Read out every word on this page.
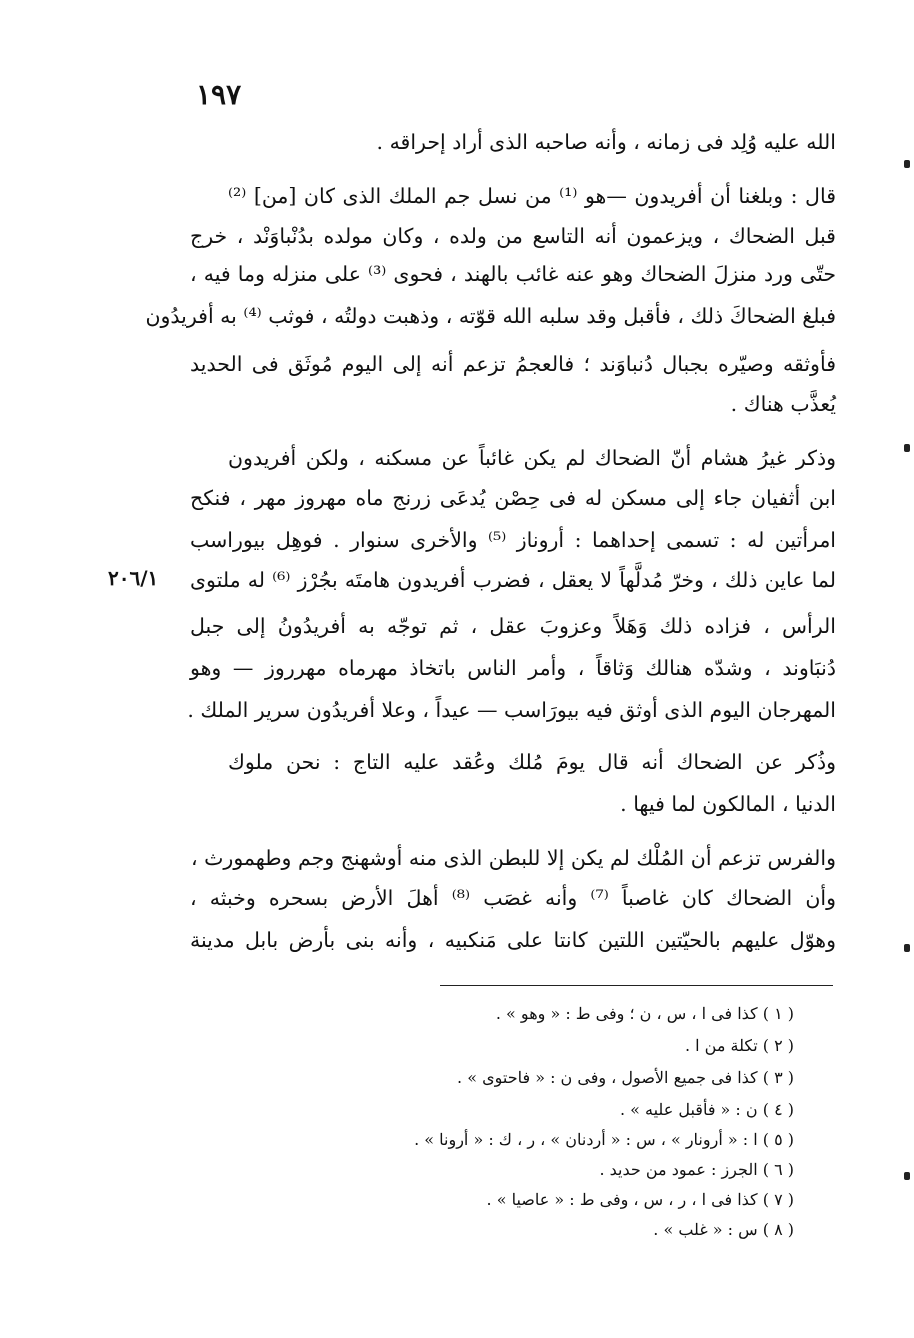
١٩٧
٢٠٦/١
الله عليه وُلِد فى زمانه ، وأنه صاحبه الذى أراد إحراقه .
قال : وبلغنا أن أفريدون —هو ⁽¹⁾ من نسل جم الملك الذى كان [من] ⁽²⁾
قبل الضحاك ، ويزعمون أنه التاسع من ولده ، وكان مولده بدُنْباوَنْد ، خرج
حتّى ورد منزلَ الضحاك وهو عنه غائب بالهند ، فحوى ⁽³⁾ على منزله وما فيه ،
فبلغ الضحاكَ ذلك ، فأقبل وقد سلبه الله قوّته ، وذهبت دولتُه ، فوثب ⁽⁴⁾ به أفريدُون
فأوثقه وصيّره بجبال دُنباوَند ؛ فالعجمُ تزعم أنه إلى اليوم مُوثَق فى الحديد
يُعذَّب هناك .
وذكر غيرُ هشام أنّ الضحاك لم يكن غائباً عن مسكنه ، ولكن أفريدون
ابن أثفيان جاء إلى مسكن له فى حِصْن يُدعَى زرنج ماه مهروز مهر ، فنكح
امرأتين له : تسمى إحداهما : أروناز ⁽⁵⁾ والأخرى سنوار . فوهِل بيوراسب
لما عاين ذلك ، وخرّ مُدلَّهاً لا يعقل ، فضرب أفريدون هامتَه بجُرْز ⁽⁶⁾ له ملتوى
الرأس ، فزاده ذلك وَهَلاً وعزوبَ عقل ، ثم توجّه به أفريدُونُ إلى جبل
دُنبَاوند ، وشدّه هنالك وَثاقاً ، وأمر الناس باتخاذ مهرماه مهرروز — وهو
المهرجان اليوم الذى أوثق فيه بيورَاسب — عيداً ، وعلا أفريدُون سرير الملك .
وذُكر عن الضحاك أنه قال يومَ مُلك وعُقد عليه التاج : نحن ملوك
الدنيا ، المالكون لما فيها .
والفرس تزعم أن المُلْك لم يكن إلا للبطن الذى منه أوشهنج وجم وطهمورث ،
وأن الضحاك كان غاصباً ⁽⁷⁾ وأنه غصَب ⁽⁸⁾ أهلَ الأرض بسحره وخبثه ،
وهوّل عليهم بالحيّتين اللتين كانتا على مَنكبيه ، وأنه بنى بأرض بابل مدينة
( ١ ) كذا فى ا ، س ، ن ؛ وفى ط : « وهو » .
( ٢ ) تكلة من ا .
( ٣ ) كذا فى جميع الأصول ، وفى ن : « فاحتوى » .
( ٤ ) ن : « فأقبل عليه » .
( ٥ ) ا : « أرونار » ، س : « أردنان » ، ر ، ك : « أرونا » .
( ٦ ) الجرز : عمود من حديد .
( ٧ ) كذا فى ا ، ر ، س ، وفى ط : « عاصيا » .
( ٨ ) س : « غلب » .
